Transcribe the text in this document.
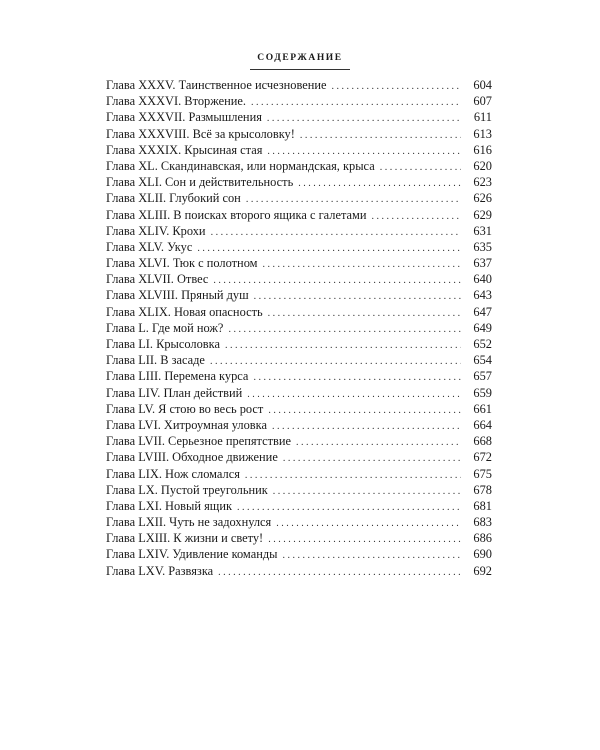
СОДЕРЖАНИЕ
Глава XXXV. Таинственное исчезновение . . .	604
Глава XXXVI. Вторжение. . . .	607
Глава XXXVII. Размышления . . .	611
Глава XXXVIII. Всё за крысоловку! . . .	613
Глава XXXIX. Крысиная стая . . .	616
Глава XL. Скандинавская, или нормандская, крыса . . .	620
Глава XLI. Сон и действительность . . .	623
Глава XLII. Глубокий сон . . .	626
Глава XLIII. В поисках второго ящика с галетами . . .	629
Глава XLIV. Крохи . . .	631
Глава XLV. Укус . . .	635
Глава XLVI. Тюк с полотном . . .	637
Глава XLVII. Отвес . . .	640
Глава XLVIII. Пряный душ . . .	643
Глава XLIX. Новая опасность . . .	647
Глава L. Где мой нож? . . .	649
Глава LI. Крысоловка . . .	652
Глава LII. В засаде . . .	654
Глава LIII. Перемена курса . . .	657
Глава LIV. План действий . . .	659
Глава LV. Я стою во весь рост . . .	661
Глава LVI. Хитроумная уловка . . .	664
Глава LVII. Серьезное препятствие . . .	668
Глава LVIII. Обходное движение . . .	672
Глава LIX. Нож сломался . . .	675
Глава LX. Пустой треугольник . . .	678
Глава LXI. Новый ящик . . .	681
Глава LXII. Чуть не задохнулся . . .	683
Глава LXIII. К жизни и свету! . . .	686
Глава LXIV. Удивление команды . . .	690
Глава LXV. Развязка . . .	692
